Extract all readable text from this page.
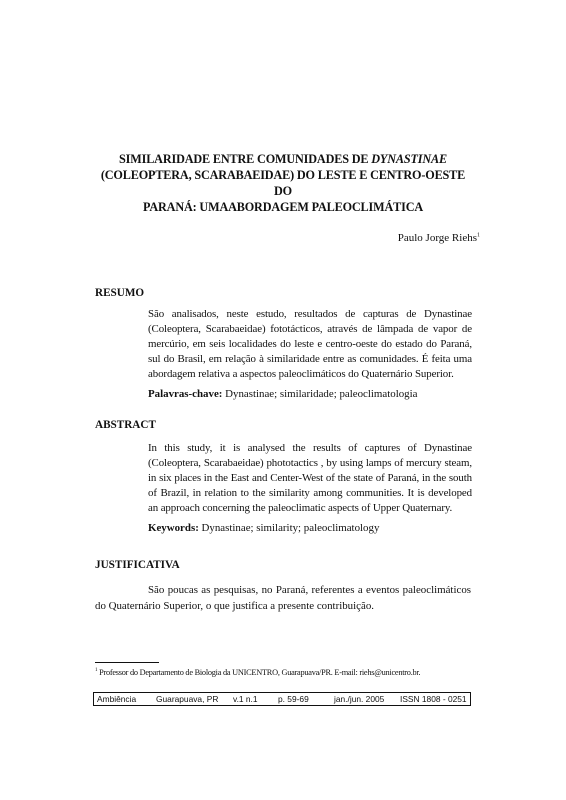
SIMILARIDADE ENTRE COMUNIDADES DE DYNASTINAE
(COLEOPTERA, SCARABAEIDAE) DO LESTE E CENTRO-OESTE DO
PARANÁ: UMAABORDAGEM PALEOCLIMÁTICA
Paulo Jorge Riehs$^1$
RESUMO
São analisados, neste estudo, resultados de capturas de Dynastinae (Coleoptera, Scarabaeidae) fototácticos, através de lâmpada de vapor de mercúrio, em seis localidades do leste e centro-oeste do estado do Paraná, sul do Brasil, em relação à similaridade entre as comunidades. É feita uma abordagem relativa a aspectos paleoclimáticos do Quaternário Superior.
Palavras-chave: Dynastinae; similaridade; paleoclimatologia
ABSTRACT
In this study, it is analysed the results of captures of Dynastinae (Coleoptera, Scarabaeidae) phototactics , by using lamps of mercury steam, in six places in the East and Center-West of the state of Paraná, in the south of Brazil, in relation to the similarity among communities. It is developed an approach concerning the paleoclimatic aspects of Upper Quaternary.
Keywords: Dynastinae; similarity; paleoclimatology
JUSTIFICATIVA
São poucas as pesquisas, no Paraná, referentes a eventos paleoclimáticos do Quaternário Superior, o que justifica a presente contribuição.
$^1$ Professor do Departamento de Biologia da UNICENTRO, Guarapuava/PR. E-mail: riehs@unicentro.br.
Ambiência Guarapuava, PR v.1 n.1 p. 59-69	jan./jun. 2005 ISSN 1808 - 0251
